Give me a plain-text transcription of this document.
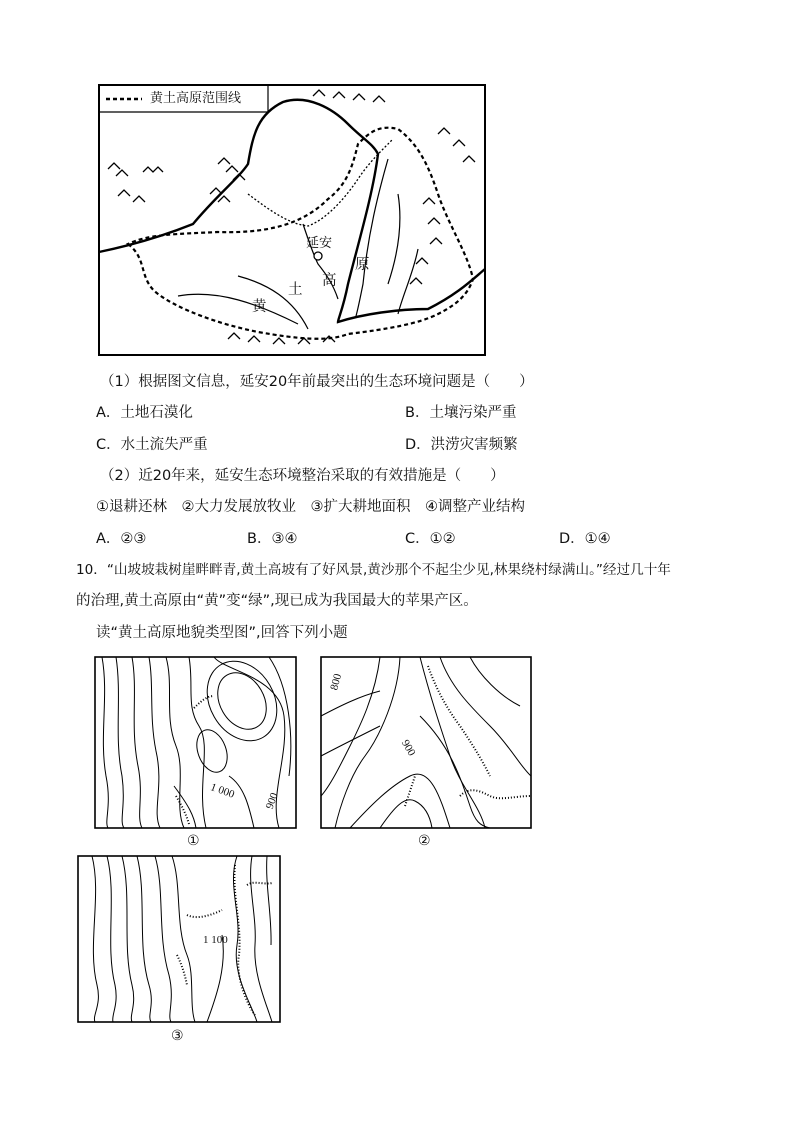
黄土高原范围线
延安
黄
土
高
原
（1）根据图文信息，延安20年前最突出的生态环境问题是（　　）
A．土地石漠化	B．土壤污染严重
C．水土流失严重	D．洪涝灾害频繁
（2）近20年来，延安生态环境整治采取的有效措施是（　　）
①退耕还林　②大力发展放牧业　③扩大耕地面积　④调整产业结构
A．②③	B．③④	C．①②	D．①④
10．“山坡坡栽树崖畔畔青,黄土高坡有了好风景,黄沙那个不起尘少见,林果绕村绿满山。”经过几十年
的治理,黄土高原由“黄”变“绿”,现已成为我国最大的苹果产区。
读“黄土高原地貌类型图”,回答下列小题
1 000
900
①
800
900
②
1 100
③
